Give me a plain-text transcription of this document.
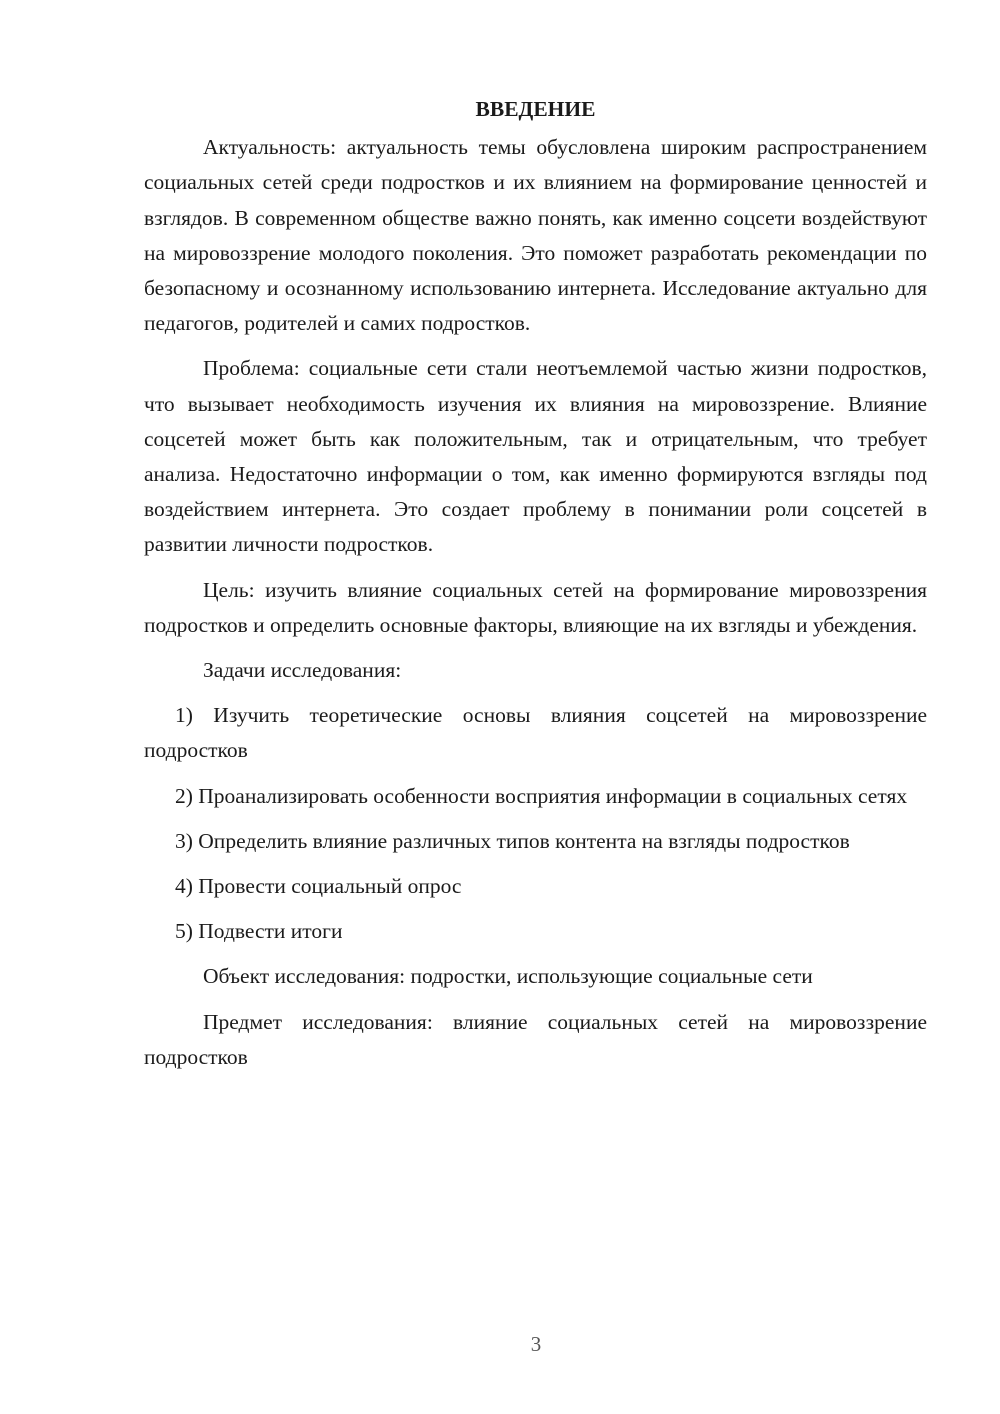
ВВЕДЕНИЕ

Актуальность: актуальность темы обусловлена широким распространением социальных сетей среди подростков и их влиянием на формирование ценностей и взглядов. В современном обществе важно понять, как именно соцсети воздействуют на мировоззрение молодого поколения. Это поможет разработать рекомендации по безопасному и осознанному использованию интернета. Исследование актуально для педагогов, родителей и самих подростков.

Проблема: социальные сети стали неотъемлемой частью жизни подростков, что вызывает необходимость изучения их влияния на мировоззрение. Влияние соцсетей может быть как положительным, так и отрицательным, что требует анализа. Недостаточно информации о том, как именно формируются взгляды под воздействием интернета. Это создает проблему в понимании роли соцсетей в развитии личности подростков.

Цель: изучить влияние социальных сетей на формирование мировоззрения подростков и определить основные факторы, влияющие на их взгляды и убеждения.

Задачи исследования:

1) Изучить теоретические основы влияния соцсетей на мировоззрение подростков

2) Проанализировать особенности восприятия информации в социальных сетях

3) Определить влияние различных типов контента на взгляды подростков

4) Провести социальный опрос

5) Подвести итоги

Объект исследования: подростки, использующие социальные сети

Предмет исследования: влияние социальных сетей на мировоззрение подростков

3
